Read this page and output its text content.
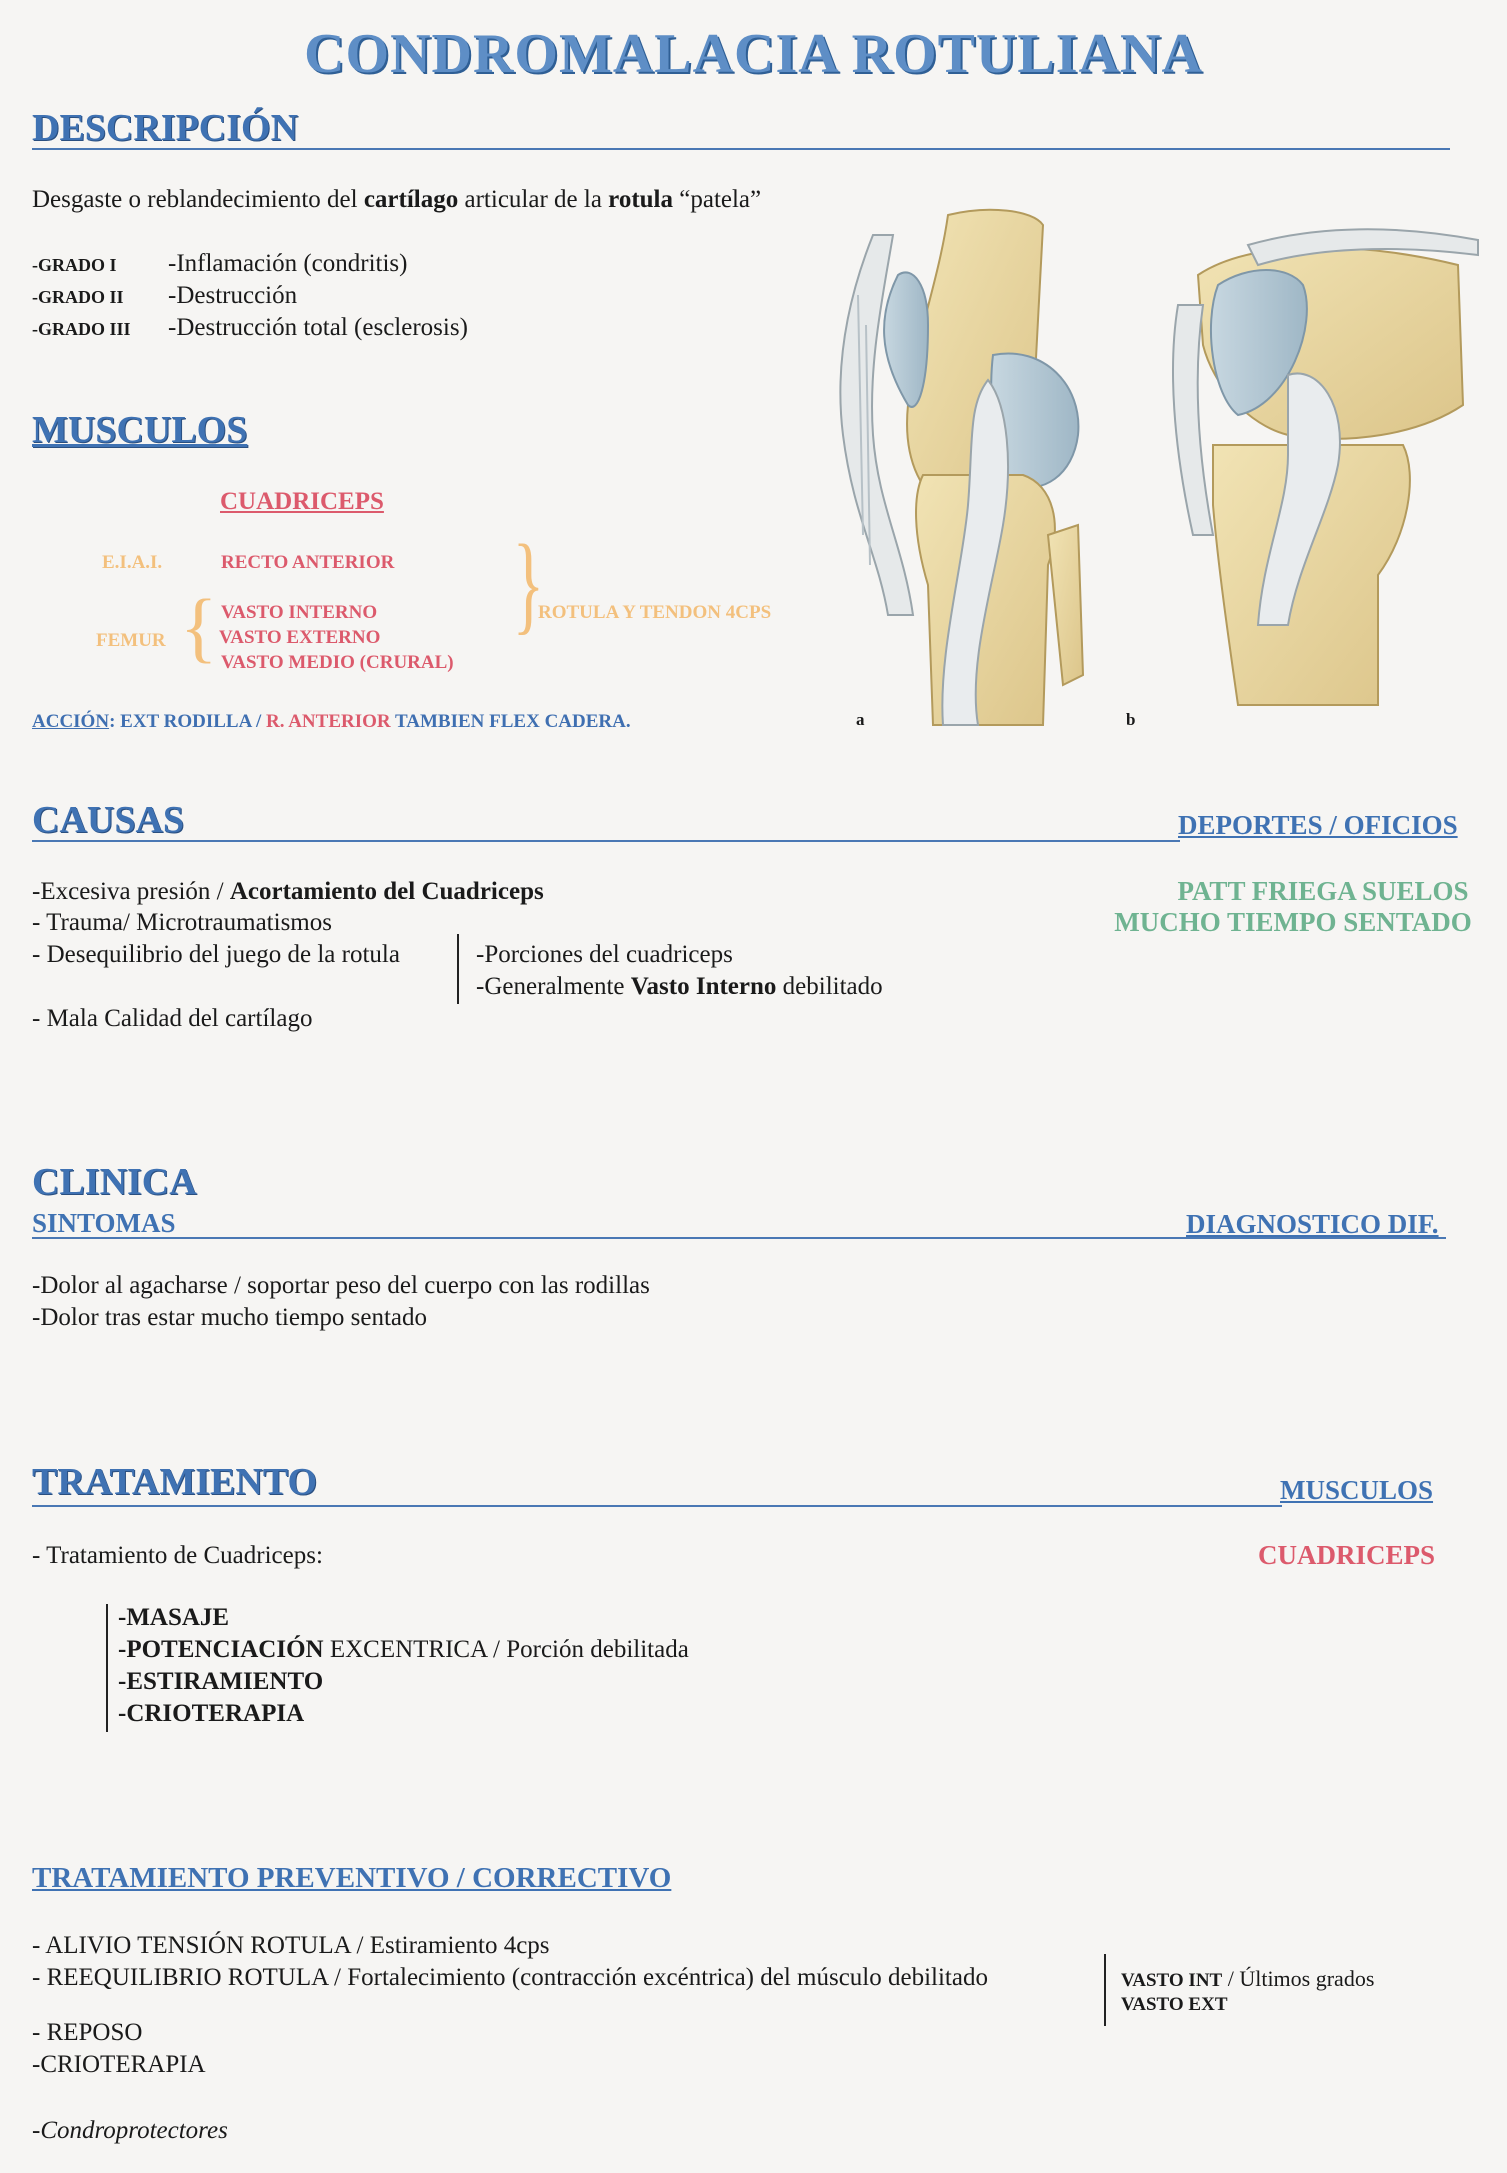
CONDROMALACIA ROTULIANA
DESCRIPCIÓN
Desgaste o reblandecimiento del cartílago articular de la rotula “patela”
-GRADO I -Inflamación (condritis)
-GRADO II -Destrucción
-GRADO III -Destrucción total (esclerosis)
MUSCULOS
CUADRICEPS
E.I.A.I.	RECTO ANTERIOR
FEMUR { VASTO INTERNO
VASTO EXTERNO
VASTO MEDIO (CRURAL)
{
ROTULA Y TENDON 4CPS
ACCIÓN: EXT RODILLA / R. ANTERIOR TAMBIEN FLEX CADERA.	a	b
CAUSAS	DEPORTES / OFICIOS
PATT FRIEGA SUELOS
MUCHO TIEMPO SENTADO
-Excesiva presión / Acortamiento del Cuadriceps
- Trauma/ Microtraumatismos
- Desequilibrio del juego de la rotula	-Porciones del cuadriceps
-Generalmente Vasto Interno debilitado
- Mala Calidad del cartílago
CLINICA
SINTOMAS	DIAGNOSTICO DIF.
-Dolor al agacharse / soportar peso del cuerpo con las rodillas
-Dolor tras estar mucho tiempo sentado
TRATAMIENTO	MUSCULOS
CUADRICEPS
- Tratamiento de Cuadriceps:
-MASAJE
-POTENCIACIÓN EXCENTRICA / Porción debilitada
-ESTIRAMIENTO
-CRIOTERAPIA
TRATAMIENTO PREVENTIVO / CORRECTIVO
- ALIVIO TENSIÓN ROTULA / Estiramiento 4cps
- REEQUILIBRIO ROTULA / Fortalecimiento (contracción excéntrica) del músculo debilitado	VASTO INT / Últimos grados
VASTO EXT
- REPOSO
-CRIOTERAPIA
-Condroprotectores
